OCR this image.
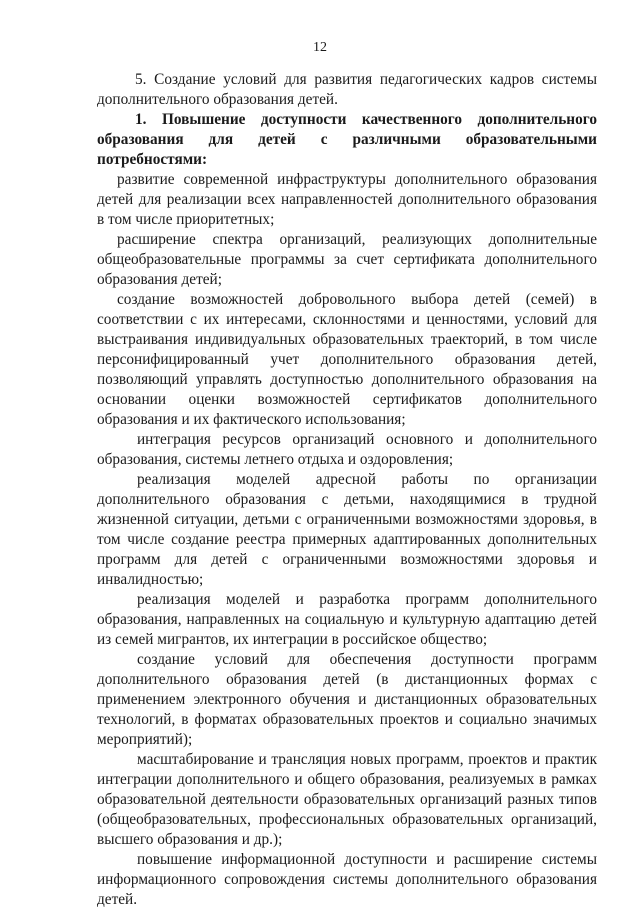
12

5. Создание условий для развития педагогических кадров системы дополнительного образования детей.

1. Повышение доступности качественного дополнительного образования для детей с различными образовательными потребностями:

развитие современной инфраструктуры дополнительного образования детей для реализации всех направленностей дополнительного образования в том числе приоритетных;

расширение спектра организаций, реализующих дополнительные общеобразовательные программы за счет сертификата дополнительного образования детей;

создание возможностей добровольного выбора детей (семей) в соответствии с их интересами, склонностями и ценностями, условий для выстраивания индивидуальных образовательных траекторий, в том числе персонифицированный учет дополнительного образования детей, позволяющий управлять доступностью дополнительного образования на основании оценки возможностей сертификатов дополнительного образования и их фактического использования;

интеграция ресурсов организаций основного и дополнительного образования, системы летнего отдыха и оздоровления;

реализация моделей адресной работы по организации дополнительного образования с детьми, находящимися в трудной жизненной ситуации, детьми с ограниченными возможностями здоровья, в том числе создание реестра примерных адаптированных дополнительных программ для детей с ограниченными возможностями здоровья и инвалидностью;

реализация моделей и разработка программ дополнительного образования, направленных на социальную и культурную адаптацию детей из семей мигрантов, их интеграции в российское общество;

создание условий для обеспечения доступности программ дополнительного образования детей (в дистанционных формах с применением электронного обучения и дистанционных образовательных технологий, в форматах образовательных проектов и социально значимых мероприятий);

масштабирование и трансляция новых программ, проектов и практик интеграции дополнительного и общего образования, реализуемых в рамках образовательной деятельности образовательных организаций разных типов (общеобразовательных, профессиональных образовательных организаций, высшего образования и др.);

повышение информационной доступности и расширение системы информационного сопровождения системы дополнительного образования детей.
